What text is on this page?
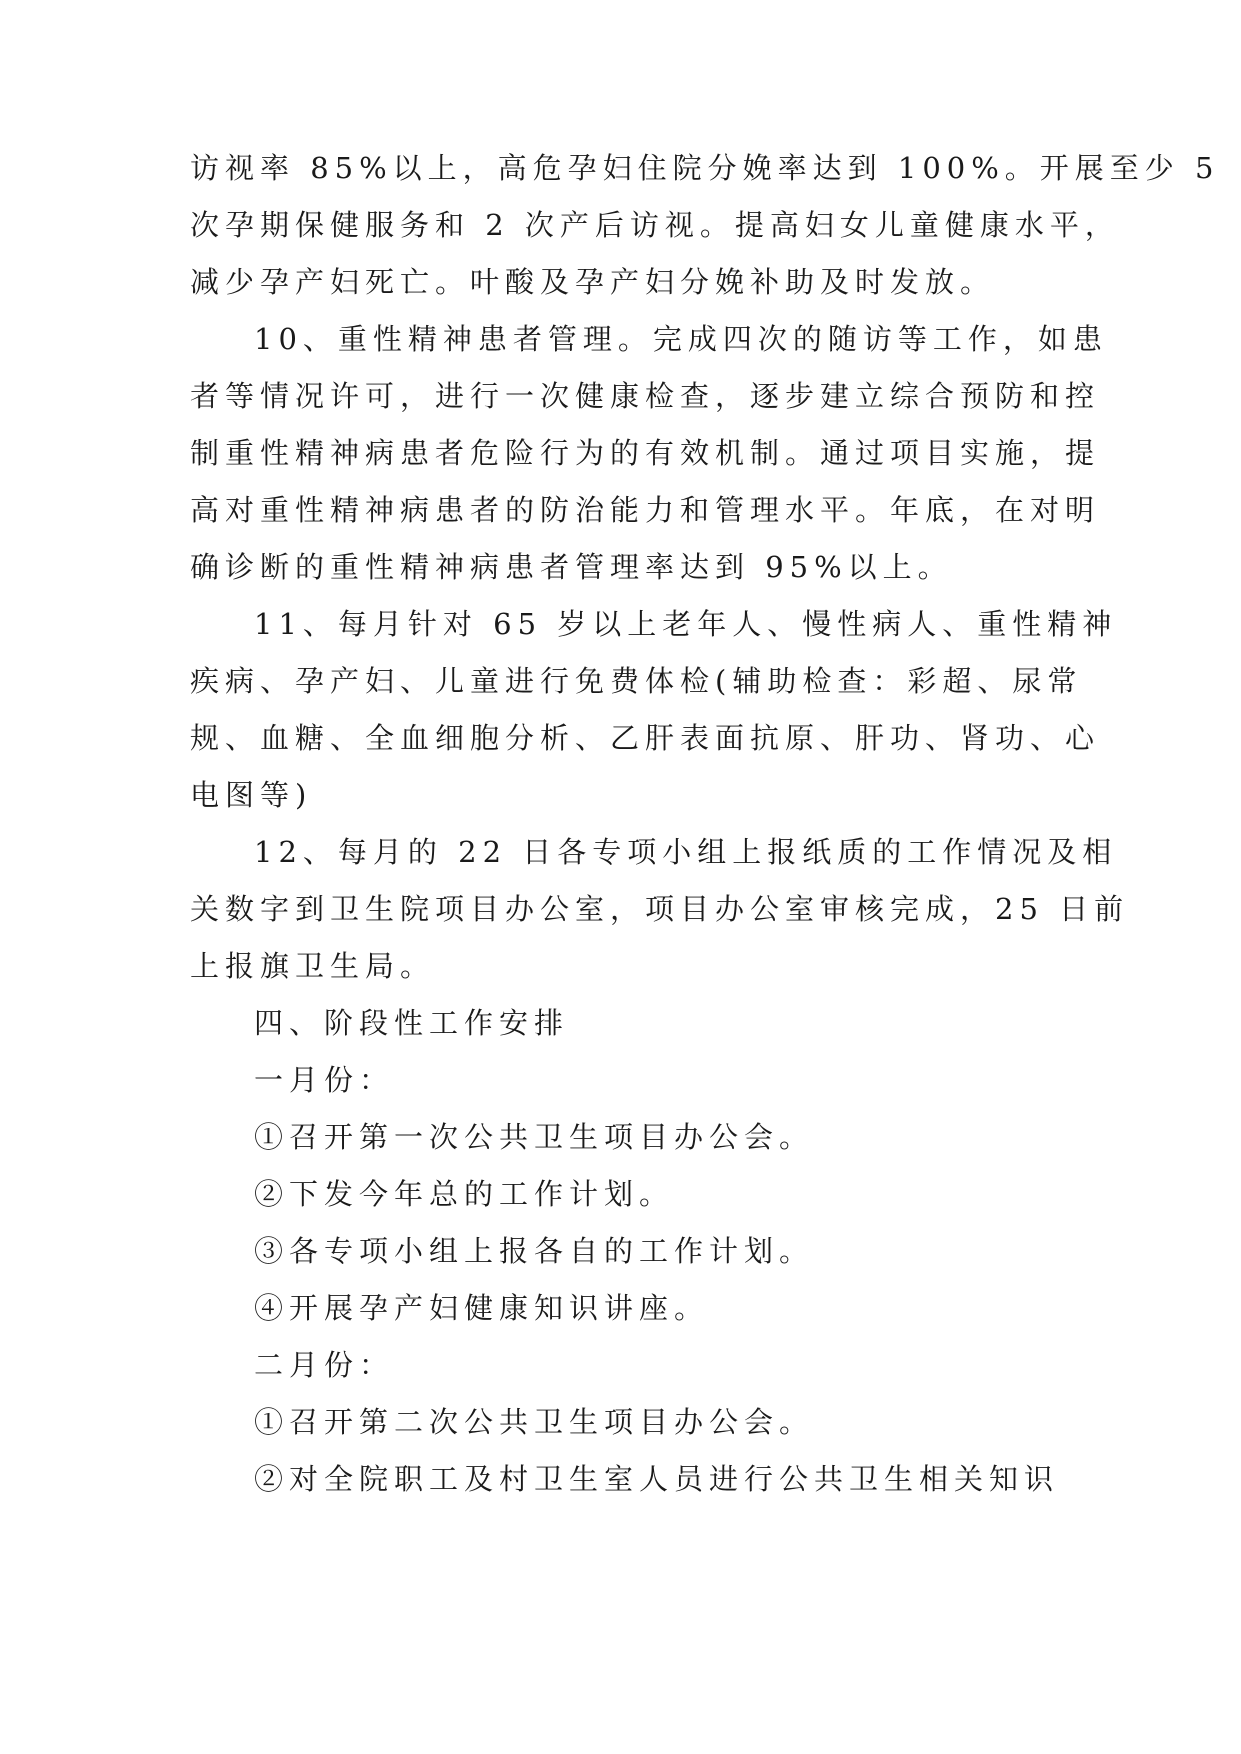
访视率 85%以上，高危孕妇住院分娩率达到 100%。开展至少 5
次孕期保健服务和 2 次产后访视。提高妇女儿童健康水平，
减少孕产妇死亡。叶酸及孕产妇分娩补助及时发放。
10、重性精神患者管理。完成四次的随访等工作，如患
者等情况许可，进行一次健康检查，逐步建立综合预防和控
制重性精神病患者危险行为的有效机制。通过项目实施，提
高对重性精神病患者的防治能力和管理水平。年底，在对明
确诊断的重性精神病患者管理率达到 95%以上。
11、每月针对 65 岁以上老年人、慢性病人、重性精神
疾病、孕产妇、儿童进行免费体检(辅助检查：彩超、尿常
规、血糖、全血细胞分析、乙肝表面抗原、肝功、肾功、心
电图等)
12、每月的 22 日各专项小组上报纸质的工作情况及相
关数字到卫生院项目办公室，项目办公室审核完成，25 日前
上报旗卫生局。
四、阶段性工作安排
一月份：
①召开第一次公共卫生项目办公会。
②下发今年总的工作计划。
③各专项小组上报各自的工作计划。
④开展孕产妇健康知识讲座。
二月份：
①召开第二次公共卫生项目办公会。
②对全院职工及村卫生室人员进行公共卫生相关知识
